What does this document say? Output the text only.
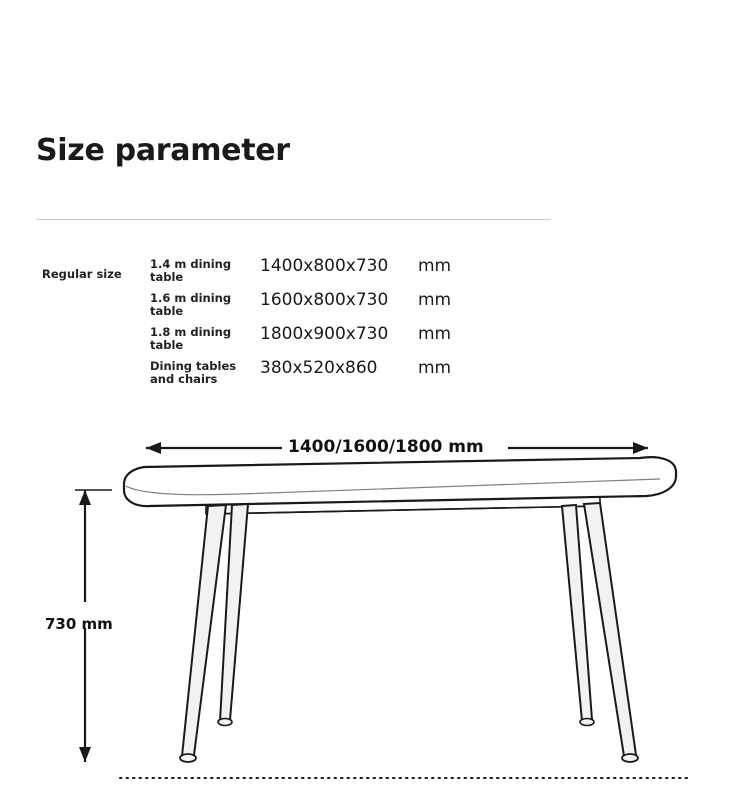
Size parameter
Regular size
1.4 m dining table
1400x800x730 mm
1.6 m dining table
1600x800x730 mm
1.8 m dining table
1800x900x730 mm
Dining tables and chairs
380x520x860 mm
1400/1600/1800 mm
730 mm
